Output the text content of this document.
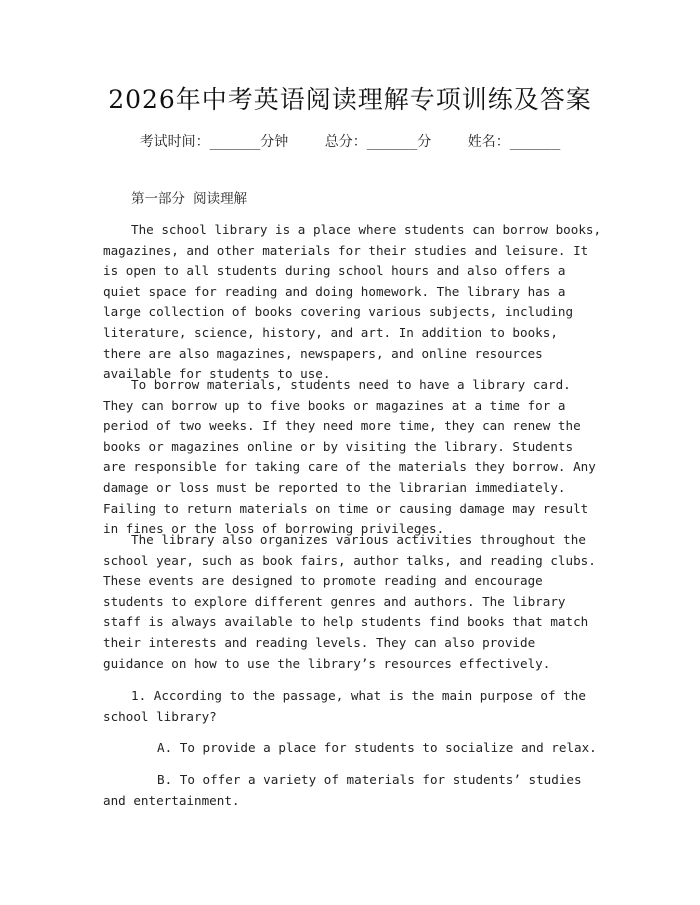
2026年中考英语阅读理解专项训练及答案
考试时间：______分钟	总分：______分	姓名：______
第一部分 阅读理解

The school library is a place where students can borrow books, magazines, and other materials for their studies and leisure. It is open to all students during school hours and also offers a quiet space for reading and doing homework. The library has a large collection of books covering various subjects, including literature, science, history, and art. In addition to books, there are also magazines, newspapers, and online resources available for students to use.

To borrow materials, students need to have a library card. They can borrow up to five books or magazines at a time for a period of two weeks. If they need more time, they can renew the books or magazines online or by visiting the library. Students are responsible for taking care of the materials they borrow. Any damage or loss must be reported to the librarian immediately. Failing to return materials on time or causing damage may result in fines or the loss of borrowing privileges.

The library also organizes various activities throughout the school year, such as book fairs, author talks, and reading clubs. These events are designed to promote reading and encourage students to explore different genres and authors. The library staff is always available to help students find books that match their interests and reading levels. They can also provide guidance on how to use the library’s resources effectively.

1. According to the passage, what is the main purpose of the school library?

A. To provide a place for students to socialize and relax.

B. To offer a variety of materials for students’ studies and entertainment.
